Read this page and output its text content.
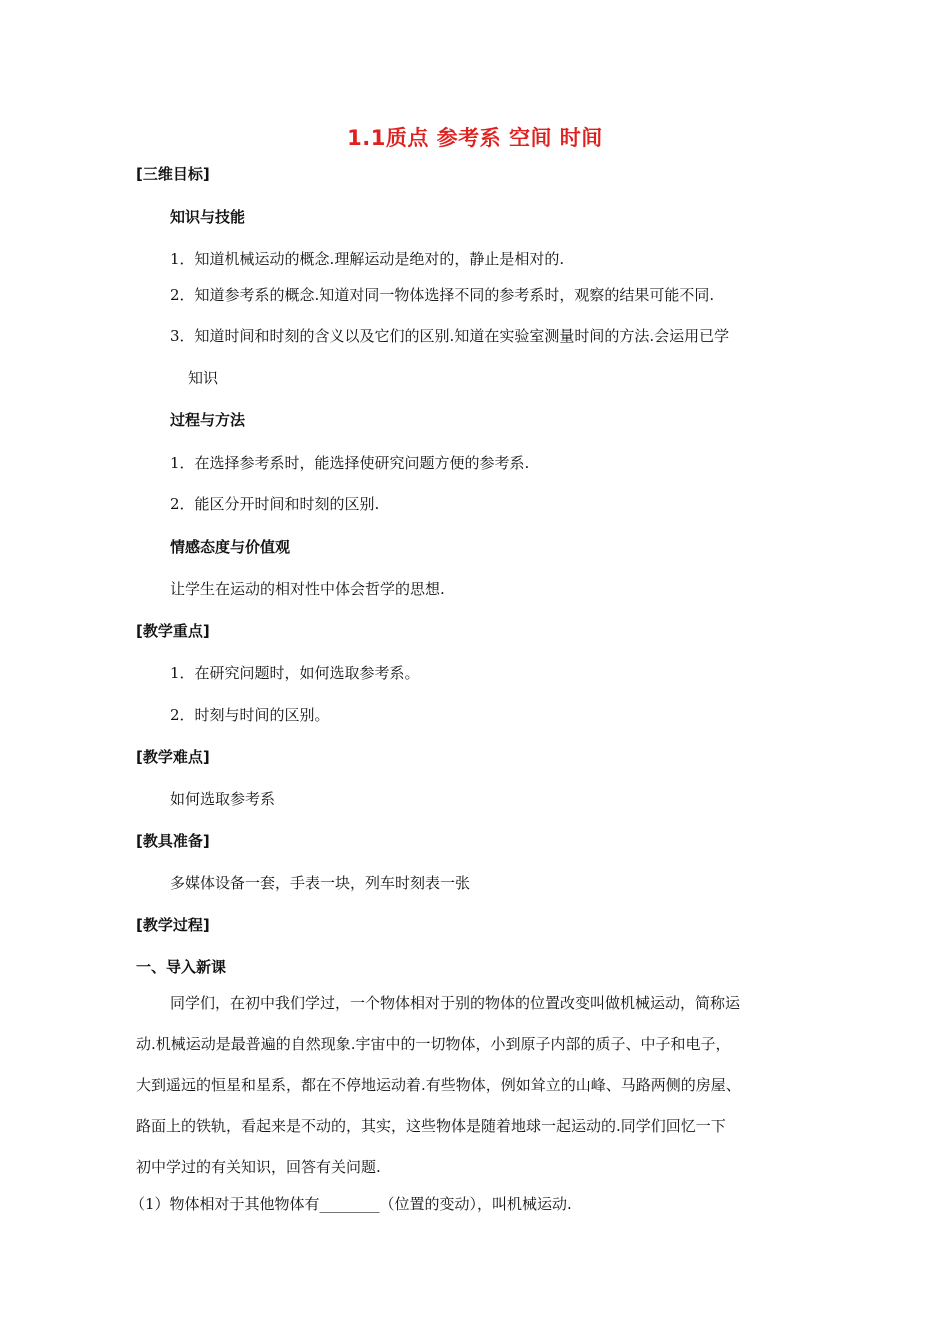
1.1质点 参考系 空间 时间
[三维目标]
知识与技能
1．知道机械运动的概念.理解运动是绝对的，静止是相对的.
2．知道参考系的概念.知道对同一物体选择不同的参考系时，观察的结果可能不同.
3．知道时间和时刻的含义以及它们的区别.知道在实验室测量时间的方法.会运用已学
知识
过程与方法
1．在选择参考系时，能选择使研究问题方便的参考系.
2．能区分开时间和时刻的区别.
情感态度与价值观
让学生在运动的相对性中体会哲学的思想.
[教学重点]
1．在研究问题时，如何选取参考系。
2．时刻与时间的区别。
[教学难点]
如何选取参考系
[教具准备]
多媒体设备一套，手表一块，列车时刻表一张
[教学过程]
一、导入新课
同学们，在初中我们学过，一个物体相对于别的物体的位置改变叫做机械运动，简称运
动.机械运动是最普遍的自然现象.宇宙中的一切物体，小到原子内部的质子、中子和电子，
大到遥远的恒星和星系，都在不停地运动着.有些物体，例如耸立的山峰、马路两侧的房屋、
路面上的铁轨，看起来是不动的，其实，这些物体是随着地球一起运动的.同学们回忆一下
初中学过的有关知识，回答有关问题.
（1）物体相对于其他物体有________（位置的变动），叫机械运动.
